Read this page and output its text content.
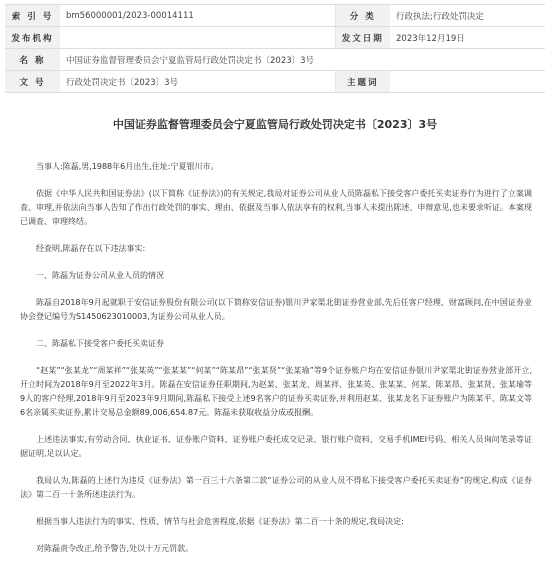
索 引 号	bm56000001/2023-00014111	分 类	行政执法;行政处罚决定
发布机构		发文日期	2023年12月19日
名 称	中国证券监督管理委员会宁夏监管局行政处罚决定书〔2023〕3号		
文 号	行政处罚决定书〔2023〕3号	主题词	
中国证券监督管理委员会宁夏监管局行政处罚决定书〔2023〕3号

当事人:陈磊,男,1988年6月出生,住址:宁夏银川市。

依据《中华人民共和国证券法》(以下简称《证券法》)的有关规定,我局对证券公司从业人员陈磊私下接受客户委托买卖证券行为进行了立案调查、审理,并依法向当事人告知了作出行政处罚的事实、理由、依据及当事人依法享有的权利,当事人未提出陈述、申辩意见,也未要求听证。本案现已调查、审理终结。

经查明,陈磊存在以下违法事实:

一、陈磊为证券公司从业人员的情况

陈磊自2018年9月起就职于安信证券股份有限公司(以下简称安信证券)银川尹家渠北街证券营业部,先后任客户经理、财富顾问,在中国证券业协会登记编号为S1450623010003,为证券公司从业人员。

二、陈磊私下接受客户委托买卖证券

“赵某”“张某龙”“周某祥”“张某英”“张某某”“何某”“陈某昂”“张某贤”“张某瑜”等9个证券账户均在安信证券银川尹家渠北街证券营业部开立,开立时间为2018年9月至2022年3月。陈磊在安信证券任职期间,为赵某、张某龙、周某祥、张某英、张某某、何某、陈某昂、张某贤、张某瑜等9人的客户经理,2018年9月至2023年9月期间,陈磊私下接受上述9名客户的证券买卖证券,并利用赵某、张某龙名下证券账户为陈某平、陈某文等6名亲属买卖证券,累计交易总金额89,006,654.87元。陈磊未获取收益分成或报酬。

上述违法事实,有劳动合同、执业证书、证券账户资料、证券账户委托成交记录、银行账户资料、交易手机IMEI号码、相关人员询问笔录等证据证明,足以认定。

我局认为,陈磊的上述行为违反《证券法》第一百三十六条第二款“证券公司的从业人员不得私下接受客户委托买卖证券”的规定,构成《证券法》第二百一十条所述违法行为。

根据当事人违法行为的事实、性质、情节与社会危害程度,依据《证券法》第二百一十条的规定,我局决定:

对陈磊责令改正,给予警告,处以十万元罚款。
